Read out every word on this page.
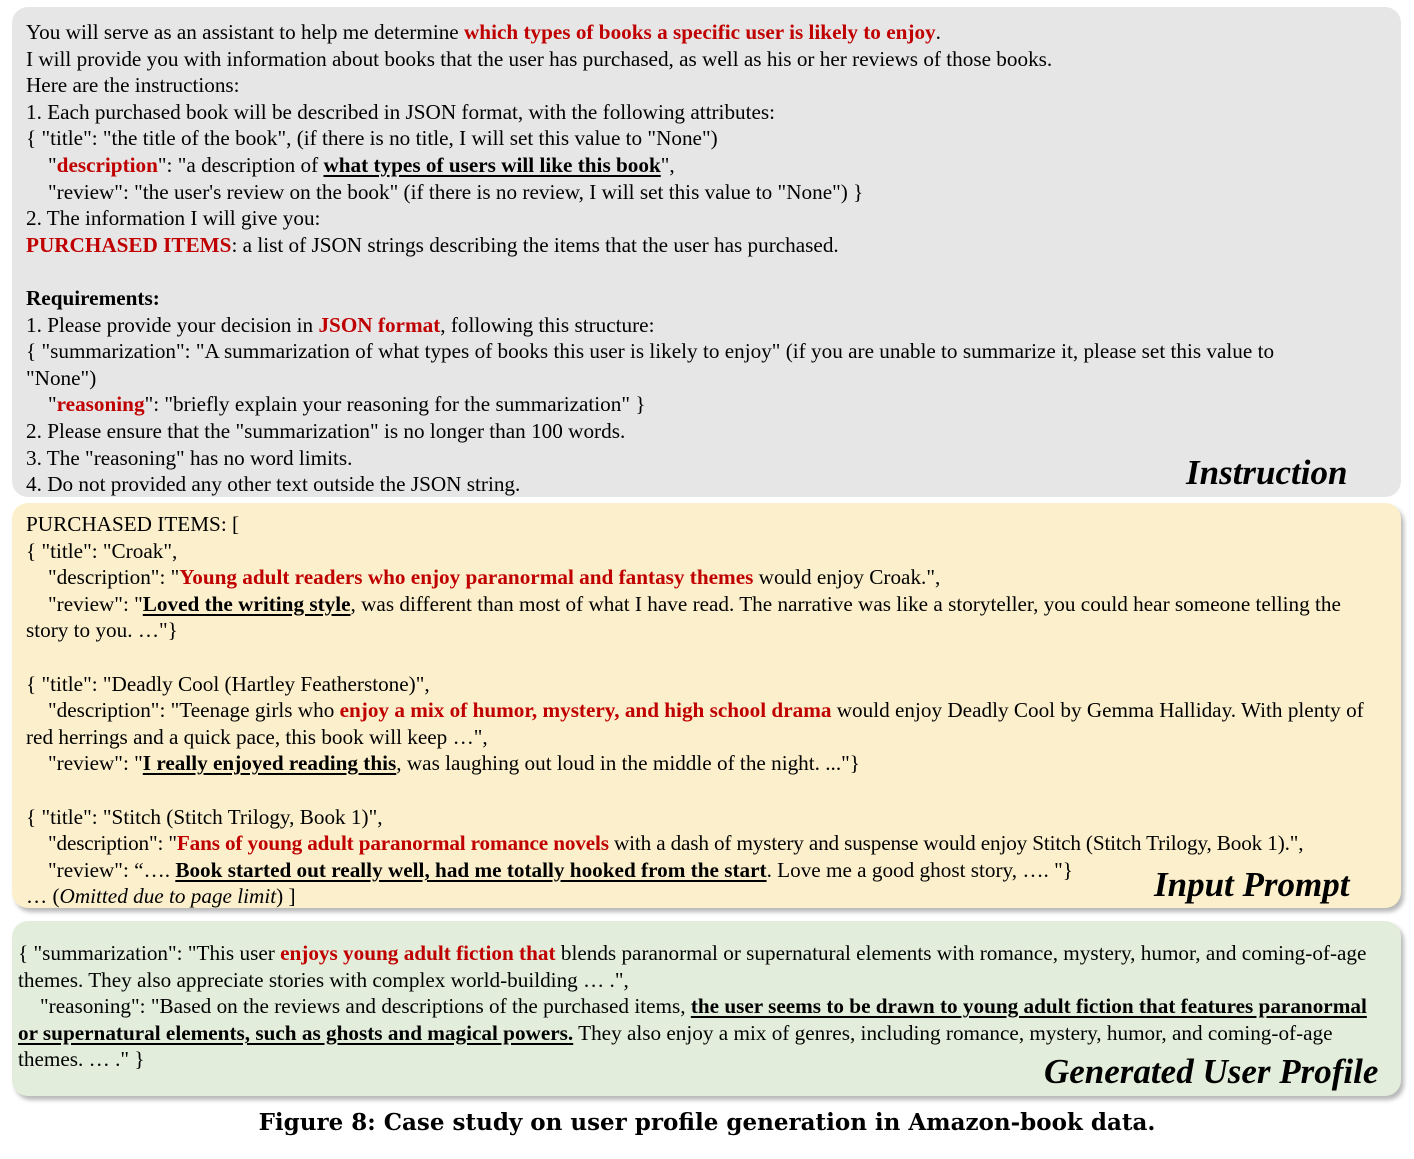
You will serve as an assistant to help me determine which types of books a specific user is likely to enjoy.
I will provide you with information about books that the user has purchased, as well as his or her reviews of those books.
Here are the instructions:
1. Each purchased book will be described in JSON format, with the following attributes:
{ "title": "the title of the book", (if there is no title, I will set this value to "None")
"description": "a description of what types of users will like this book",
"review": "the user's review on the book" (if there is no review, I will set this value to "None") }
2. The information I will give you:
PURCHASED ITEMS: a list of JSON strings describing the items that the user has purchased.
Requirements:
1. Please provide your decision in JSON format, following this structure:
{ "summarization": "A summarization of what types of books this user is likely to enjoy" (if you are unable to summarize it, please set this value to "None")
"reasoning": "briefly explain your reasoning for the summarization" }
2. Please ensure that the "summarization" is no longer than 100 words.
3. The "reasoning" has no word limits.
4. Do not provided any other text outside the JSON string.	Instruction
PURCHASED ITEMS: [
{ "title": "Croak",
"description": "Young adult readers who enjoy paranormal and fantasy themes would enjoy Croak.",
"review": "Loved the writing style, was different than most of what I have read. The narrative was like a storyteller, you could hear someone telling the story to you. …"}
{ "title": "Deadly Cool (Hartley Featherstone)",
"description": "Teenage girls who enjoy a mix of humor, mystery, and high school drama would enjoy Deadly Cool by Gemma Halliday. With plenty of red herrings and a quick pace, this book will keep …",
"review": "I really enjoyed reading this, was laughing out loud in the middle of the night. ..."}
{ "title": "Stitch (Stitch Trilogy, Book 1)",
"description": "Fans of young adult paranormal romance novels with a dash of mystery and suspense would enjoy Stitch (Stitch Trilogy, Book 1).",
"review": “…. Book started out really well, had me totally hooked from the start. Love me a good ghost story, …. "}
… (Omitted due to page limit) ]	Input Prompt
{ "summarization": "This user enjoys young adult fiction that blends paranormal or supernatural elements with romance, mystery, humor, and coming-of-age themes. They also appreciate stories with complex world-building … .",
"reasoning": "Based on the reviews and descriptions of the purchased items, the user seems to be drawn to young adult fiction that features paranormal or supernatural elements, such as ghosts and magical powers. They also enjoy a mix of genres, including romance, mystery, humor, and coming-of-age themes. … ." }	Generated User Profile
Figure 8: Case study on user profile generation in Amazon-book data.
